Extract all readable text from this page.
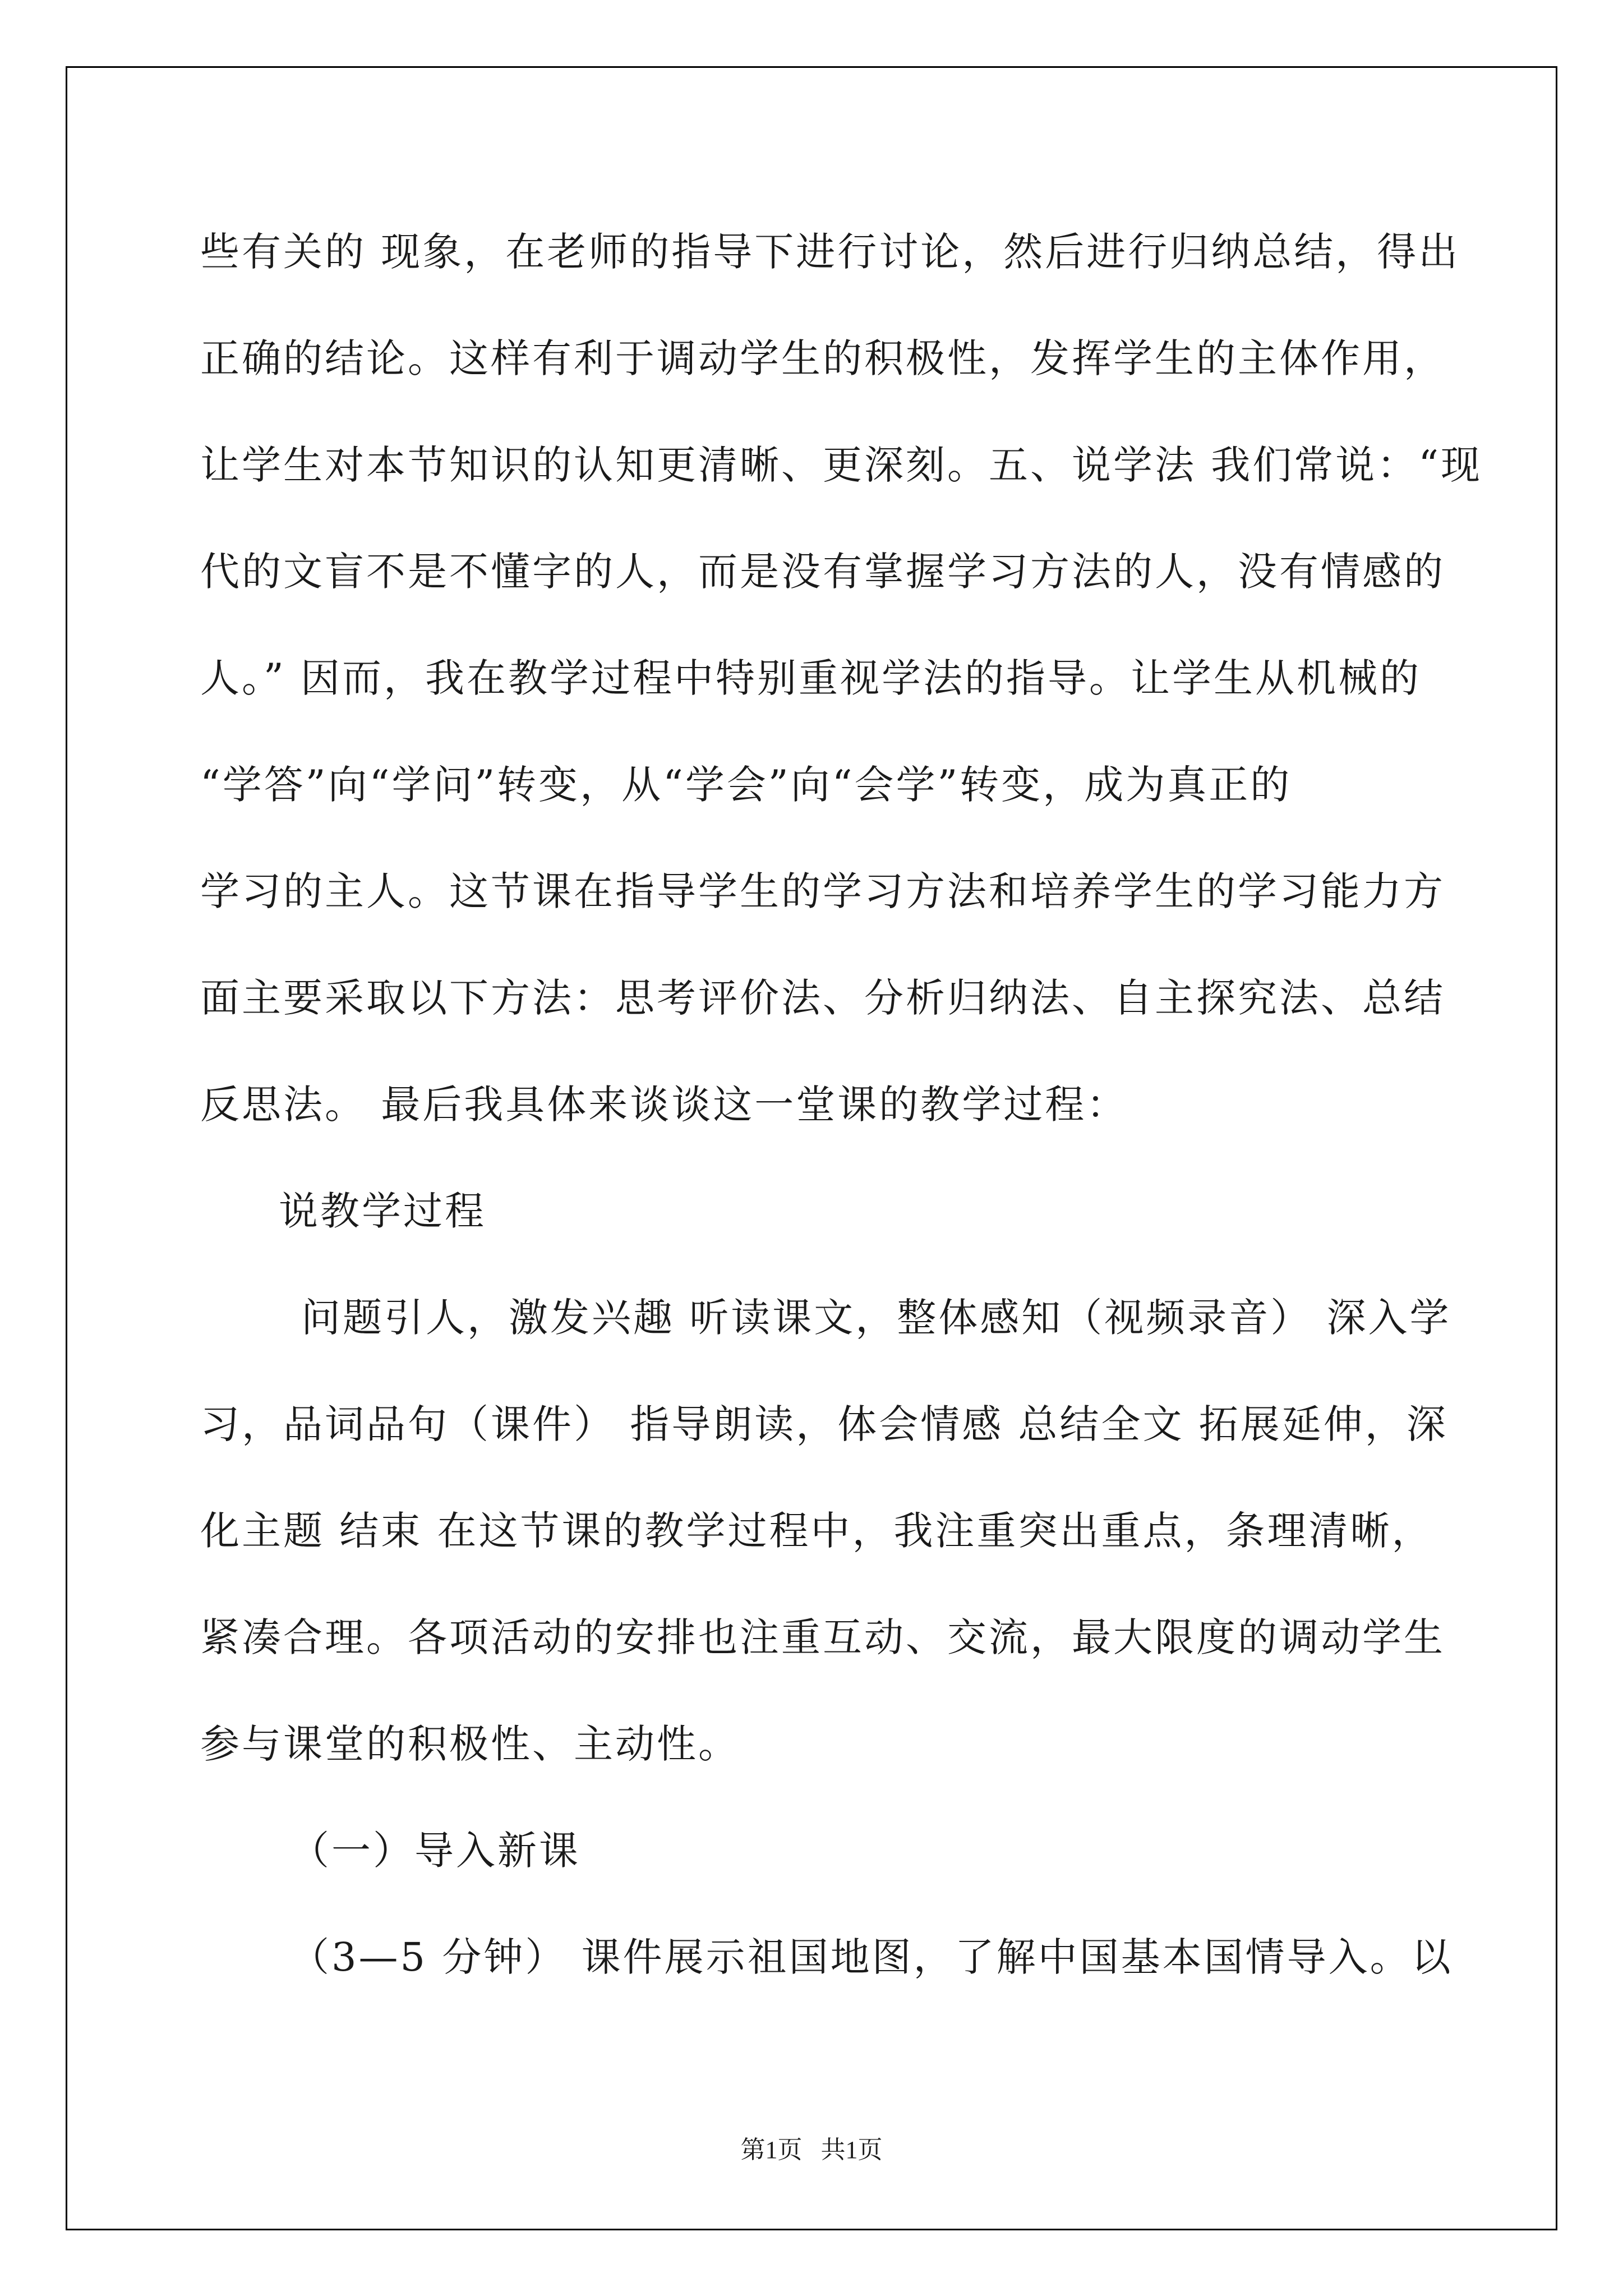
些有关的 现象，在老师的指导下进行讨论，然后进行归纳总结，得出
正确的结论。这样有利于调动学生的积极性，发挥学生的主体作用，
让学生对本节知识的认知更清晰、更深刻。五、说学法 我们常说：“现
代的文盲不是不懂字的人，而是没有掌握学习方法的人，没有情感的
人。” 因而，我在教学过程中特别重视学法的指导。让学生从机械的
“学答”向“学问”转变，从“学会”向“会学”转变，成为真正的
学习的主人。这节课在指导学生的学习方法和培养学生的学习能力方
面主要采取以下方法：思考评价法、分析归纳法、自主探究法、总结
反思法。 最后我具体来谈谈这一堂课的教学过程：
说教学过程
问题引人，激发兴趣 听读课文，整体感知（视频录音） 深入学
习，品词品句（课件） 指导朗读，体会情感 总结全文 拓展延伸，深
化主题 结束 在这节课的教学过程中，我注重突出重点，条理清晰，
紧凑合理。各项活动的安排也注重互动、交流，最大限度的调动学生
参与课堂的积极性、主动性。
（一）导入新课
（3—5 分钟） 课件展示祖国地图，了解中国基本国情导入。以
第1页   共1页
